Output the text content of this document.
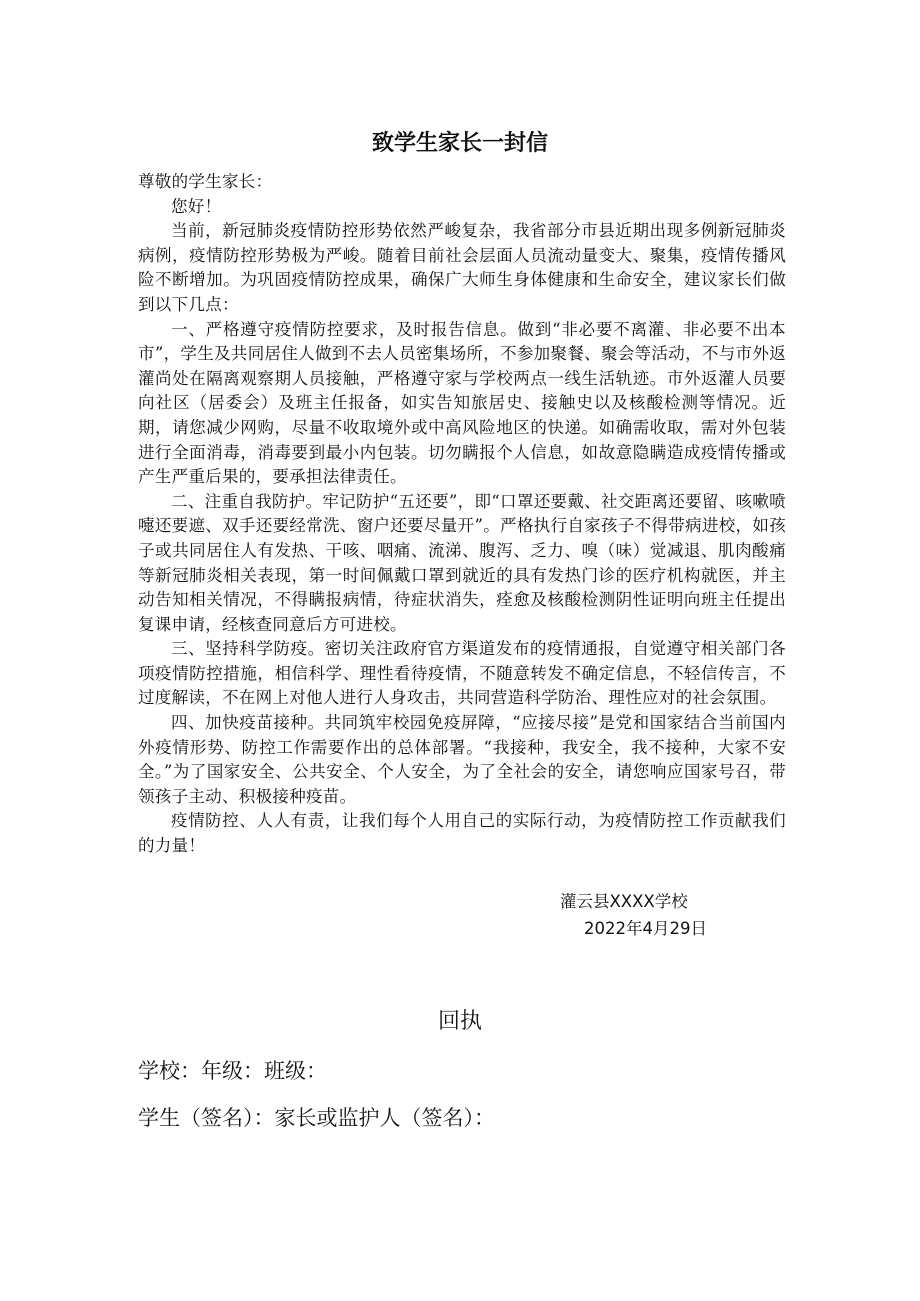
致学生家长一封信

尊敬的学生家长：

您好！

当前，新冠肺炎疫情防控形势依然严峻复杂，我省部分市县近期出现多例新冠肺炎病例，疫情防控形势极为严峻。随着目前社会层面人员流动量变大、聚集，疫情传播风险不断增加。为巩固疫情防控成果，确保广大师生身体健康和生命安全，建议家长们做到以下几点：

一、严格遵守疫情防控要求，及时报告信息。做到“非必要不离灌、非必要不出本市”，学生及共同居住人做到不去人员密集场所，不参加聚餐、聚会等活动，不与市外返灌尚处在隔离观察期人员接触，严格遵守家与学校两点一线生活轨迹。市外返灌人员要向社区（居委会）及班主任报备，如实告知旅居史、接触史以及核酸检测等情况。近期，请您减少网购，尽量不收取境外或中高风险地区的快递。如确需收取，需对外包装进行全面消毒，消毒要到最小内包装。切勿瞒报个人信息，如故意隐瞒造成疫情传播或产生严重后果的，要承担法律责任。

二、注重自我防护。牢记防护“五还要”，即“口罩还要戴、社交距离还要留、咳嗽喷嚏还要遮、双手还要经常洗、窗户还要尽量开”。严格执行自家孩子不得带病进校，如孩子或共同居住人有发热、干咳、咽痛、流涕、腹泻、乏力、嗅（味）觉减退、肌肉酸痛等新冠肺炎相关表现，第一时间佩戴口罩到就近的具有发热门诊的医疗机构就医，并主动告知相关情况，不得瞒报病情，待症状消失，痊愈及核酸检测阴性证明向班主任提出复课申请，经核查同意后方可进校。

三、坚持科学防疫。密切关注政府官方渠道发布的疫情通报，自觉遵守相关部门各项疫情防控措施，相信科学、理性看待疫情，不随意转发不确定信息，不轻信传言，不过度解读，不在网上对他人进行人身攻击，共同营造科学防治、理性应对的社会氛围。

四、加快疫苗接种。共同筑牢校园免疫屏障，“应接尽接”是党和国家结合当前国内外疫情形势、防控工作需要作出的总体部署。“我接种，我安全，我不接种，大家不安全。”为了国家安全、公共安全、个人安全，为了全社会的安全，请您响应国家号召，带领孩子主动、积极接种疫苗。

疫情防控、人人有责，让我们每个人用自己的实际行动，为疫情防控工作贡献我们的力量！

灌云县XXXX学校
2022年4月29日
回执
学校：年级：班级：
学生（签名）：家长或监护人（签名）：
